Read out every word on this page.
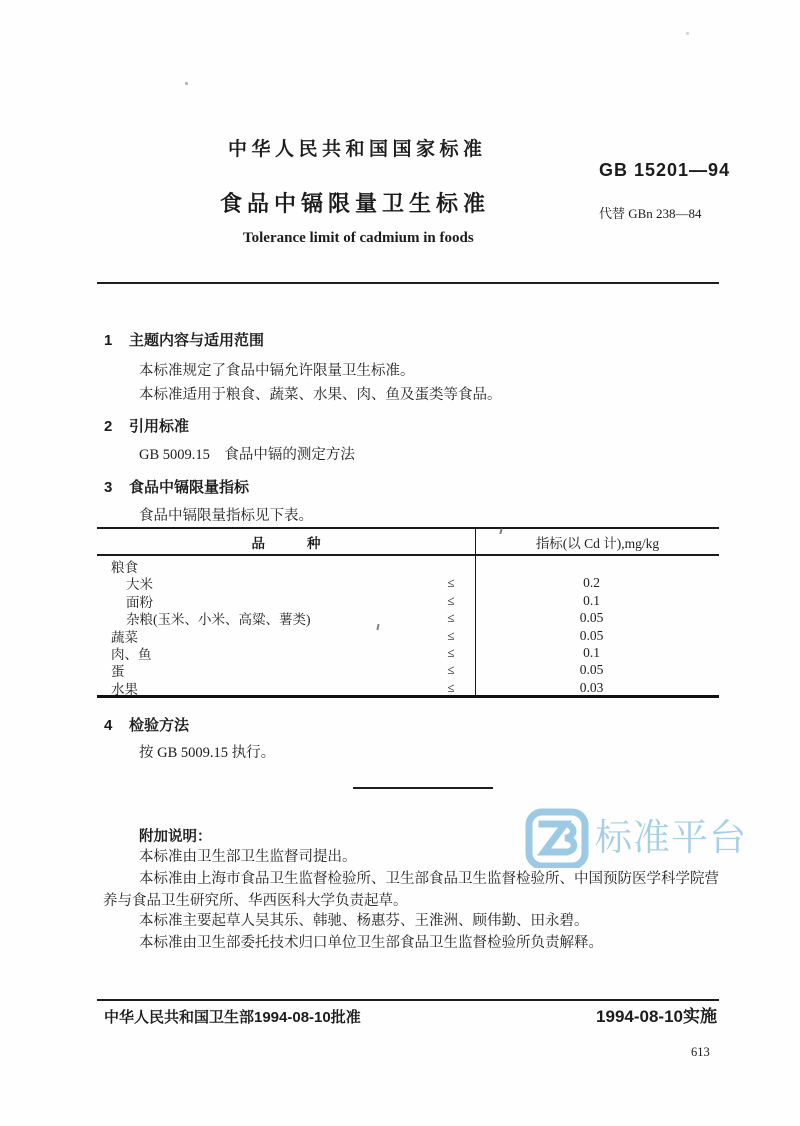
中华人民共和国国家标准
GB 15201—94
食品中镉限量卫生标准	代替 GBn 238—84
Tolerance limit of cadmium in foods
1 主题内容与适用范围
本标准规定了食品中镉允许限量卫生标准。
本标准适用于粮食、蔬菜、水果、肉、鱼及蛋类等食品。
2 引用标准
GB 5009.15　食品中镉的测定方法
3 食品中镉限量指标
食品中镉限量指标见下表。
品	种	指标(以 Cd 计),mg/kg
粮食
大米	≤	0.2
面粉	≤	0.1
杂粮(玉米、小米、高粱、薯类)	≤	0.05
蔬菜	≤	0.05
肉、鱼	≤	0.1
蛋	≤	0.05
水果	≤	0.03
4 检验方法
按 GB 5009.15 执行。
标准平台
附加说明：
本标准由卫生部卫生监督司提出。
本标准由上海市食品卫生监督检验所、卫生部食品卫生监督检验所、中国预防医学科学院营养与食品卫生研究所、华西医科大学负责起草。
本标准主要起草人吴其乐、韩驰、杨惠芬、王淮洲、顾伟勤、田永碧。
本标准由卫生部委托技术归口单位卫生部食品卫生监督检验所负责解释。
中华人民共和国卫生部1994-08-10批准	1994-08-10实施
613
